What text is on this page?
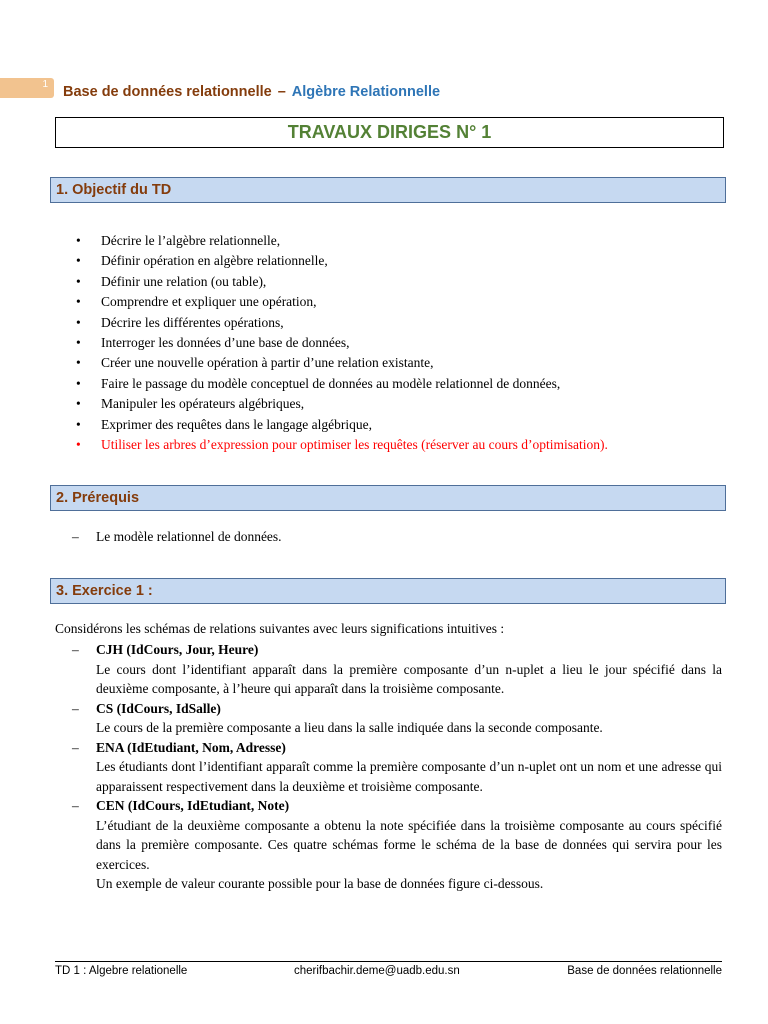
1 Base de données relationnelle – Algèbre Relationnelle
TRAVAUX DIRIGES N° 1
1. Objectif du TD
• Décrire le l’algèbre relationnelle,
• Définir opération en algèbre relationnelle,
• Définir une relation (ou table),
• Comprendre et expliquer une opération,
• Décrire les différentes opérations,
• Interroger les données d’une base de données,
• Créer une nouvelle opération à partir d’une relation existante,
• Faire le passage du modèle conceptuel de données au modèle relationnel de données,
• Manipuler les opérateurs algébriques,
• Exprimer des requêtes dans le langage algébrique,
• Utiliser les arbres d’expression pour optimiser les requêtes (réserver au cours d’optimisation).
2. Prérequis
– Le modèle relationnel de données.
3. Exercice 1 :
Considérons les schémas de relations suivantes avec leurs significations intuitives :
– CJH (IdCours, Jour, Heure)
Le cours dont l’identifiant apparaît dans la première composante d’un n-uplet a lieu le jour spécifié dans la deuxième composante, à l’heure qui apparaît dans la troisième composante.
– CS (IdCours, IdSalle)
Le cours de la première composante a lieu dans la salle indiquée dans la seconde composante.
– ENA (IdEtudiant, Nom, Adresse)
Les étudiants dont l’identifiant apparaît comme la première composante d’un n-uplet ont un nom et une adresse qui apparaissent respectivement dans la deuxième et troisième composante.
– CEN (IdCours, IdEtudiant, Note)
L’étudiant de la deuxième composante a obtenu la note spécifiée dans la troisième composante au cours spécifié dans la première composante. Ces quatre schémas forme le schéma de la base de données qui servira pour les exercices.
Un exemple de valeur courante possible pour la base de données figure ci-dessous.
TD 1 : Algebre relationelle	cherifbachir.deme@uadb.edu.sn	Base de données relationnelle
